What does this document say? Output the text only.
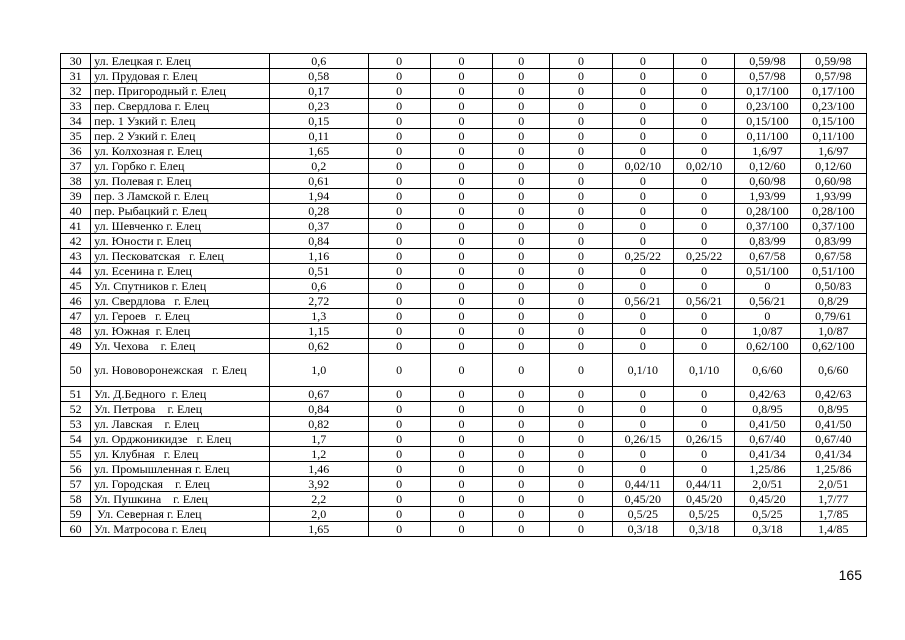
30	ул. Елецкая г. Елец	0,6	0	0	0	0	0	0	0,59/98	0,59/98
31	ул. Прудовая г. Елец	0,58	0	0	0	0	0	0	0,57/98	0,57/98
32	пер. Пригородный г. Елец	0,17	0	0	0	0	0	0	0,17/100	0,17/100
33	пер. Свердлова г. Елец	0,23	0	0	0	0	0	0	0,23/100	0,23/100
34	пер. 1 Узкий г. Елец	0,15	0	0	0	0	0	0	0,15/100	0,15/100
35	пер. 2 Узкий г. Елец	0,11	0	0	0	0	0	0	0,11/100	0,11/100
36	ул. Колхозная г. Елец	1,65	0	0	0	0	0	0	1,6/97	1,6/97
37	ул. Горбко г. Елец	0,2	0	0	0	0	0,02/10	0,02/10	0,12/60	0,12/60
38	ул. Полевая г. Елец	0,61	0	0	0	0	0	0	0,60/98	0,60/98
39	пер. 3 Ламской г. Елец	1,94	0	0	0	0	0	0	1,93/99	1,93/99
40	пер. Рыбацкий г. Елец	0,28	0	0	0	0	0	0	0,28/100	0,28/100
41	ул. Шевченко г. Елец	0,37	0	0	0	0	0	0	0,37/100	0,37/100
42	ул. Юности г. Елец	0,84	0	0	0	0	0	0	0,83/99	0,83/99
43	ул. Песковатская   г. Елец	1,16	0	0	0	0	0,25/22	0,25/22	0,67/58	0,67/58
44	ул. Есенина г. Елец	0,51	0	0	0	0	0	0	0,51/100	0,51/100
45	Ул. Спутников г. Елец	0,6	0	0	0	0	0	0	0	0,50/83
46	ул. Свердлова   г. Елец	2,72	0	0	0	0	0,56/21	0,56/21	0,56/21	0,8/29
47	ул. Героев   г. Елец	1,3	0	0	0	0	0	0	0	0,79/61
48	ул. Южная  г. Елец	1,15	0	0	0	0	0	0	1,0/87	1,0/87
49	Ул. Чехова    г. Елец	0,62	0	0	0	0	0	0	0,62/100	0,62/100
50	ул. Нововоронежская   г. Елец	1,0	0	0	0	0	0,1/10	0,1/10	0,6/60	0,6/60
51	Ул. Д.Бедного  г. Елец	0,67	0	0	0	0	0	0	0,42/63	0,42/63
52	Ул. Петрова    г. Елец	0,84	0	0	0	0	0	0	0,8/95	0,8/95
53	ул. Лавская    г. Елец	0,82	0	0	0	0	0	0	0,41/50	0,41/50
54	ул. Орджоникидзе   г. Елец	1,7	0	0	0	0	0,26/15	0,26/15	0,67/40	0,67/40
55	ул. Клубная   г. Елец	1,2	0	0	0	0	0	0	0,41/34	0,41/34
56	ул. Промышленная г. Елец	1,46	0	0	0	0	0	0	1,25/86	1,25/86
57	ул. Городская    г. Елец	3,92	0	0	0	0	0,44/11	0,44/11	2,0/51	2,0/51
58	Ул. Пушкина    г. Елец	2,2	0	0	0	0	0,45/20	0,45/20	0,45/20	1,7/77
59	Ул. Северная г. Елец	2,0	0	0	0	0	0,5/25	0,5/25	0,5/25	1,7/85
60	Ул. Матросова г. Елец	1,65	0	0	0	0	0,3/18	0,3/18	0,3/18	1,4/85
165
